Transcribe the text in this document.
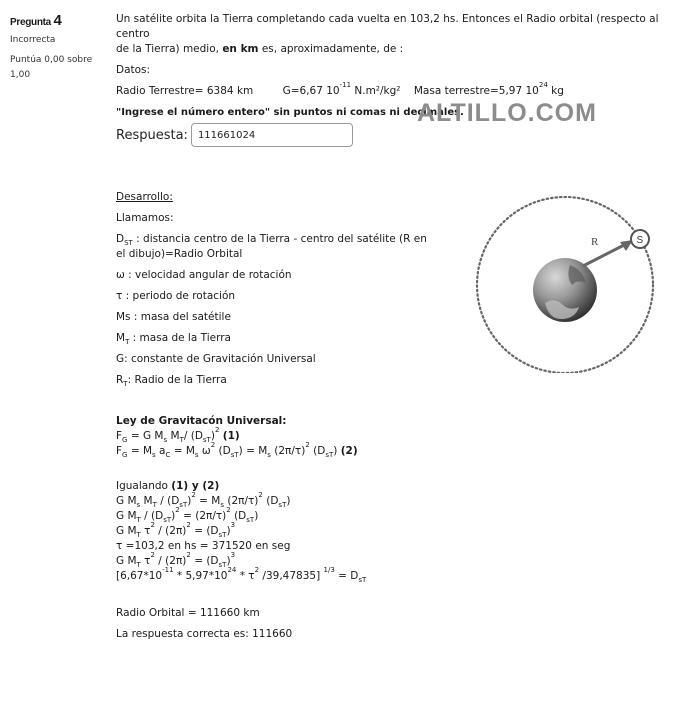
Pregunta 4
Incorrecta
Puntúa 0,00 sobre
1,00
Un satélite orbita la Tierra completando cada vuelta en 103,2 hs. Entonces el Radio orbital (respecto al centro
de la Tierra) medio, en km es, aproximadamente, de :
Datos:
Radio Terrestre= 6384 km	G=6,67 $10^{-11}$ N.m²/kg² Masa terrestre=5,97 $10^{24}$ kg
"Ingrese el número entero" sin puntos ni comas ni decimales.
ALTILLO.COM
Respuesta:
111661024
Desarrollo:
Llamamos:
$D_{ST}$ : distancia centro de la Tierra - centro del satélite (R en el dibujo)=Radio Orbital
ω : velocidad angular de rotación
τ : periodo de rotación
Ms : masa del satétile
$M_T$ : masa de la Tierra
G: constante de Gravitación Universal
$R_T$: Radio de la Tierra
Ley de Gravitacón Universal:
$F_G = G$ $M_s$ $M_T/$ $(D_{sT})^2$ (1)
$F_G = M_s$ $a_C = M_s$ $\omega^2$ $(D_{sT}) = M_s$ $(2\pi/\tau)^2$ $(D_{sT})$ (2)
Igualando (1) y (2)
G $M_s$ $M_T / (D_{sT})^2 = M_s$ $(2\pi/\tau)^2$ $(D_{sT})$
G $M_T / (D_{sT})^2 = (2\pi/\tau)^2$ $(D_{sT})$
G $M_T$ $\tau^2 / (2\pi)^2 = (D_{sT})^3$
τ =103,2 en hs = 371520 en seg
G $M_T$ $\tau^2 / (2\pi)^2 = (D_{sT})^3$
[$6,67*10^{-11} * 5,97*10^{24} * \tau^2$ /39,47835] $^{1/3} = D_{sT}$
Radio Orbital = 111660 km
La respuesta correcta es: 111660
R	S
